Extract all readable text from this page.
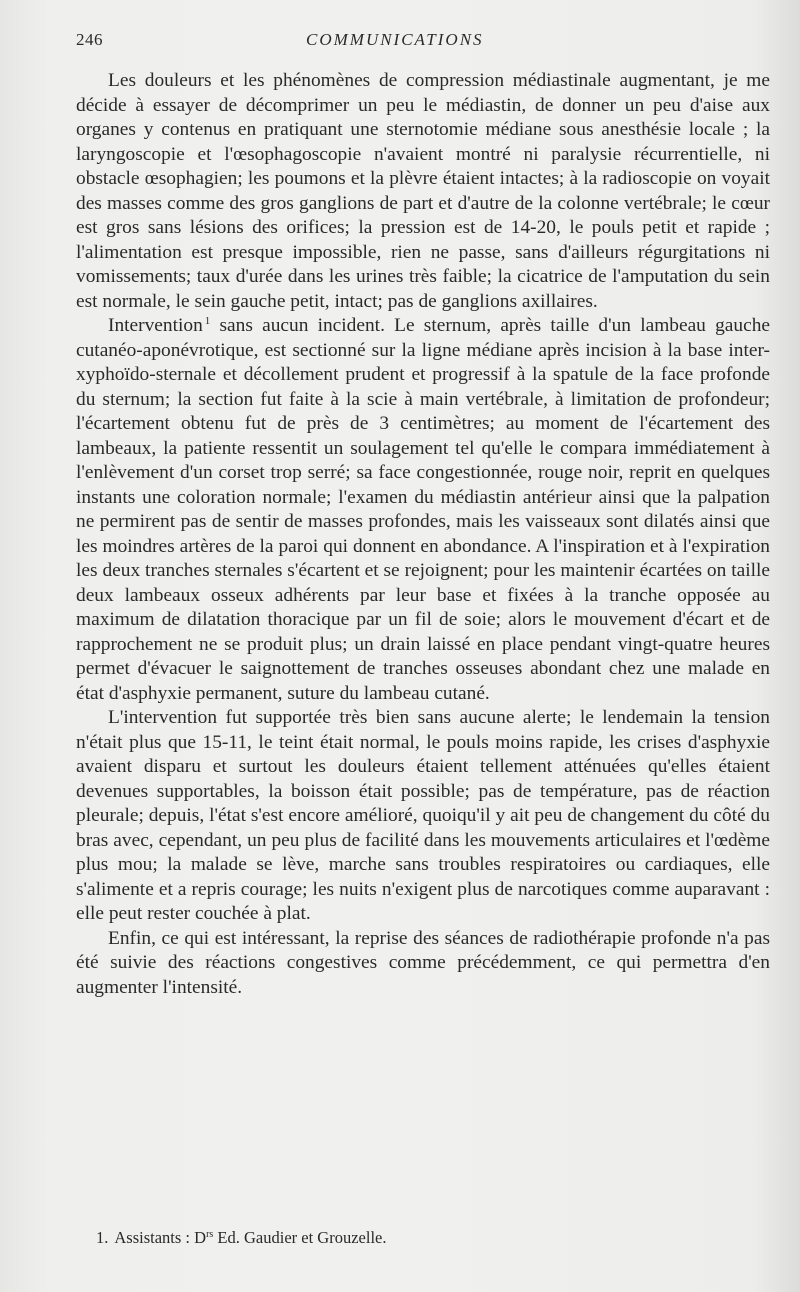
246	COMMUNICATIONS

Les douleurs et les phénomènes de compression médiastinale augmentant, je me décide à essayer de décomprimer un peu le médiastin, de donner un peu d'aise aux organes y contenus en pratiquant une sternotomie médiane sous anesthésie locale ; la laryngoscopie et l'œsophagoscopie n'avaient montré ni paralysie récurrentielle, ni obstacle œsophagien; les poumons et la plèvre étaient intactes; à la radioscopie on voyait des masses comme des gros ganglions de part et d'autre de la colonne vertébrale; le cœur est gros sans lésions des orifices; la pression est de 14-20, le pouls petit et rapide ; l'alimentation est presque impossible, rien ne passe, sans d'ailleurs régurgitations ni vomissements; taux d'urée dans les urines très faible; la cicatrice de l'amputation du sein est normale, le sein gauche petit, intact; pas de ganglions axillaires.

Intervention $^1$ sans aucun incident. Le sternum, après taille d'un lambeau gauche cutanéo-aponévrotique, est sectionné sur la ligne médiane après incision à la base inter-xyphoïdo-sternale et décollement prudent et progressif à la spatule de la face profonde du sternum; la section fut faite à la scie à main vertébrale, à limitation de profondeur; l'écartement obtenu fut de près de 3 centimètres; au moment de l'écartement des lambeaux, la patiente ressentit un soulagement tel qu'elle le compara immédiatement à l'enlèvement d'un corset trop serré; sa face congestionnée, rouge noir, reprit en quelques instants une coloration normale; l'examen du médiastin antérieur ainsi que la palpation ne permirent pas de sentir de masses profondes, mais les vaisseaux sont dilatés ainsi que les moindres artères de la paroi qui donnent en abondance. A l'inspiration et à l'expiration les deux tranches sternales s'écartent et se rejoignent; pour les maintenir écartées on taille deux lambeaux osseux adhérents par leur base et fixées à la tranche opposée au maximum de dilatation thoracique par un fil de soie; alors le mouvement d'écart et de rapprochement ne se produit plus; un drain laissé en place pendant vingt-quatre heures permet d'évacuer le saignottement de tranches osseuses abondant chez une malade en état d'asphyxie permanent, suture du lambeau cutané.

L'intervention fut supportée très bien sans aucune alerte; le lendemain la tension n'était plus que 15-11, le teint était normal, le pouls moins rapide, les crises d'asphyxie avaient disparu et surtout les douleurs étaient tellement atténuées qu'elles étaient devenues supportables, la boisson était possible; pas de température, pas de réaction pleurale; depuis, l'état s'est encore amélioré, quoiqu'il y ait peu de changement du côté du bras avec, cependant, un peu plus de facilité dans les mouvements articulaires et l'œdème plus mou; la malade se lève, marche sans troubles respiratoires ou cardiaques, elle s'alimente et a repris courage; les nuits n'exigent plus de narcotiques comme auparavant : elle peut rester couchée à plat.

Enfin, ce qui est intéressant, la reprise des séances de radiothérapie profonde n'a pas été suivie des réactions congestives comme précédemment, ce qui permettra d'en augmenter l'intensité.

1. Assistants : $D^{rs}$ Ed. Gaudier et Grouzelle.
